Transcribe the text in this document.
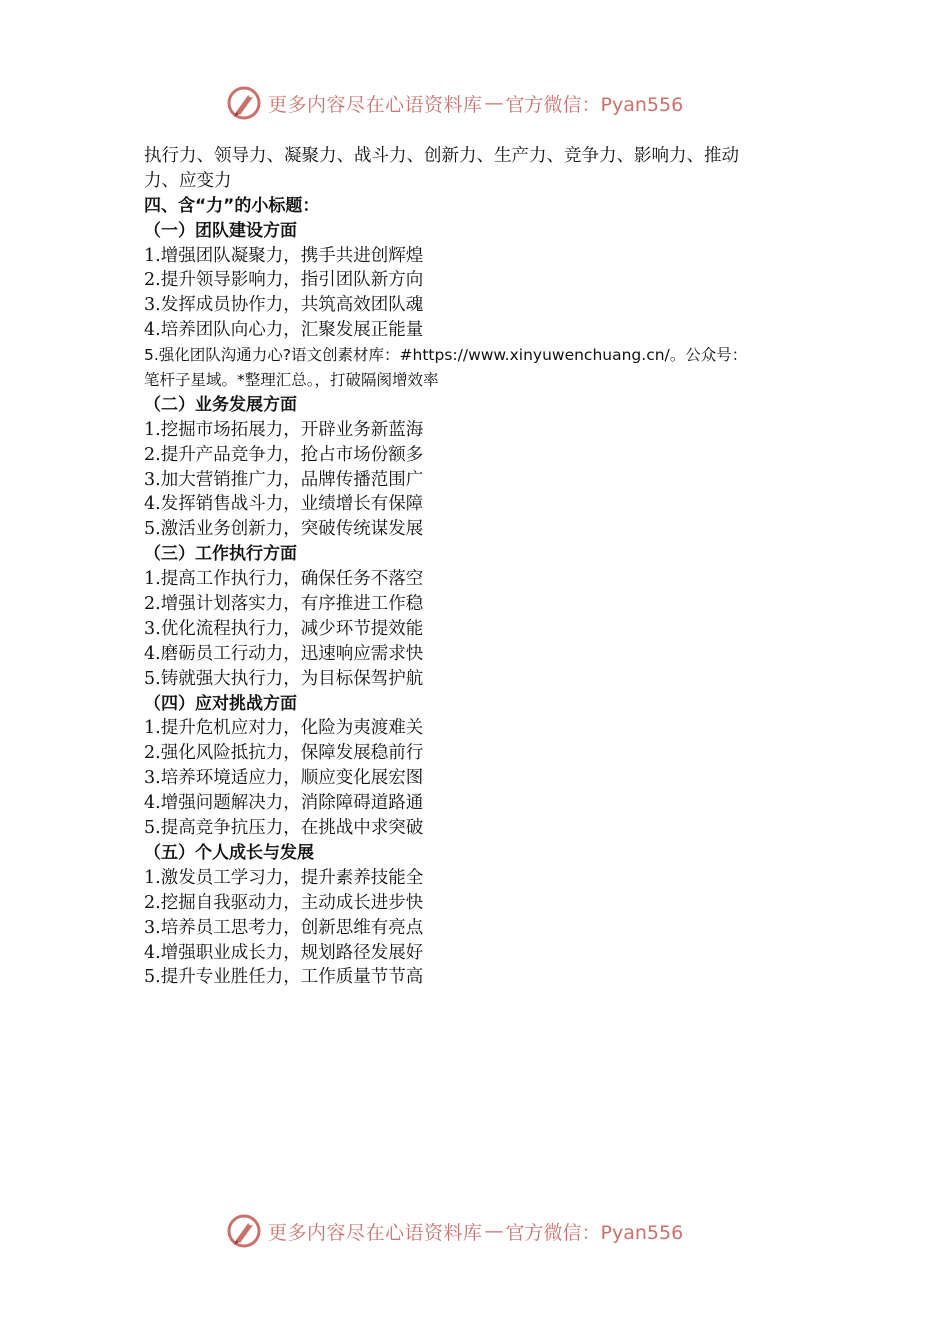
更多内容尽在心语资料库 — 官方微信：Pyan556
执行力、领导力、凝聚力、战斗力、创新力、生产力、竞争力、影响力、推动
力、应变力
四、含“力”的小标题：
（一）团队建设方面
1.增强团队凝聚力，携手共进创辉煌
2.提升领导影响力，指引团队新方向
3.发挥成员协作力，共筑高效团队魂
4.培养团队向心力，汇聚发展正能量
5.强化团队沟通力心?语文创素材库：#https://www.xinyuwenchuang.cn/。公众号：
笔杆子星域。*整理汇总。，打破隔阂增效率
（二）业务发展方面
1.挖掘市场拓展力，开辟业务新蓝海
2.提升产品竞争力，抢占市场份额多
3.加大营销推广力，品牌传播范围广
4.发挥销售战斗力，业绩增长有保障
5.激活业务创新力，突破传统谋发展
（三）工作执行方面
1.提高工作执行力，确保任务不落空
2.增强计划落实力，有序推进工作稳
3.优化流程执行力，减少环节提效能
4.磨砺员工行动力，迅速响应需求快
5.铸就强大执行力，为目标保驾护航
（四）应对挑战方面
1.提升危机应对力，化险为夷渡难关
2.强化风险抵抗力，保障发展稳前行
3.培养环境适应力，顺应变化展宏图
4.增强问题解决力，消除障碍道路通
5.提高竞争抗压力，在挑战中求突破
（五）个人成长与发展
1.激发员工学习力，提升素养技能全
2.挖掘自我驱动力，主动成长进步快
3.培养员工思考力，创新思维有亮点
4.增强职业成长力，规划路径发展好
5.提升专业胜任力，工作质量节节高
更多内容尽在心语资料库 — 官方微信：Pyan556
